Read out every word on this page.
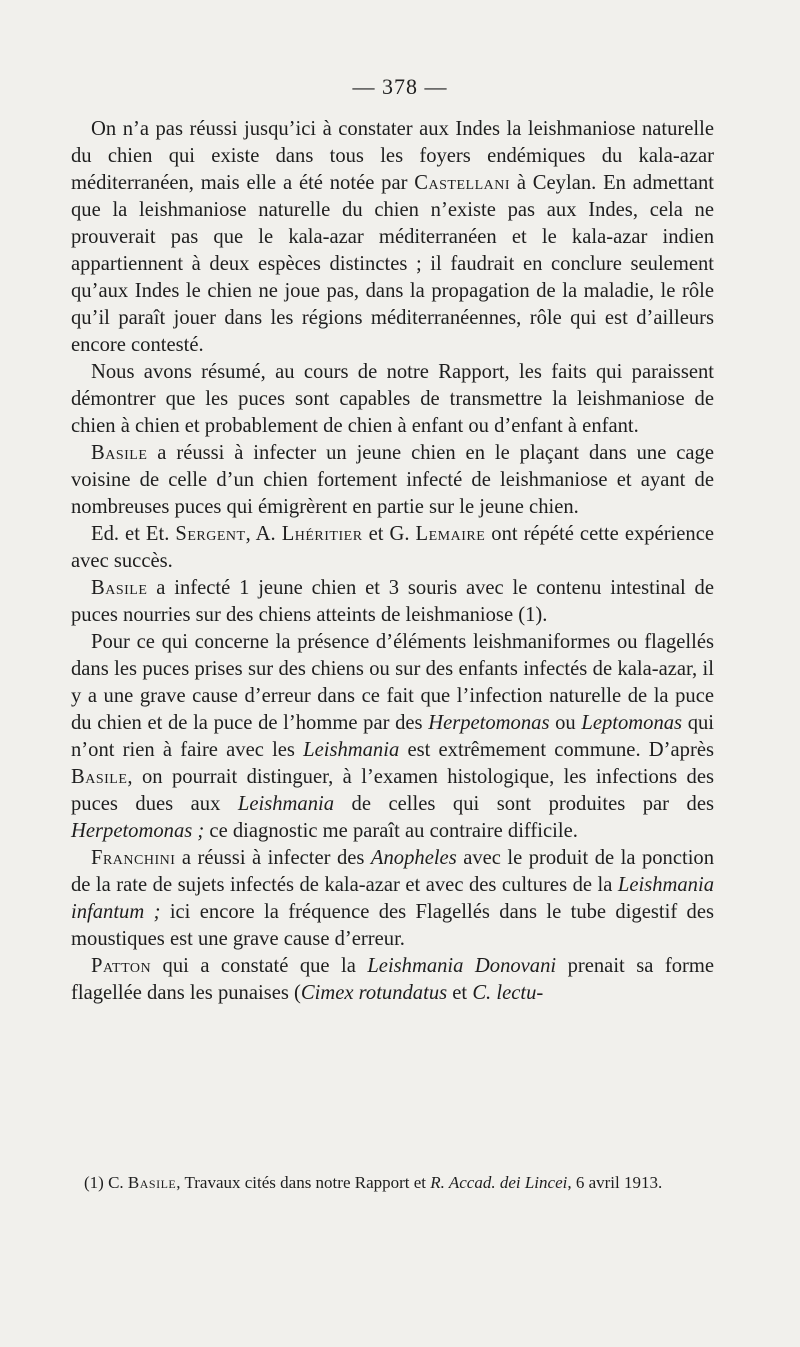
— 378 —

On n’a pas réussi jusqu’ici à constater aux Indes la leishmaniose naturelle du chien qui existe dans tous les foyers endémiques du kala-azar méditerranéen, mais elle a été notée par Castellani à Ceylan. En admettant que la leishmaniose naturelle du chien n’existe pas aux Indes, cela ne prouverait pas que le kala-azar méditerranéen et le kala-azar indien appartiennent à deux espèces distinctes ; il faudrait en conclure seulement qu’aux Indes le chien ne joue pas, dans la propagation de la maladie, le rôle qu’il paraît jouer dans les régions méditerranéennes, rôle qui est d’ailleurs encore contesté.

Nous avons résumé, au cours de notre Rapport, les faits qui paraissent démontrer que les puces sont capables de transmettre la leishmaniose de chien à chien et probablement de chien à enfant ou d’enfant à enfant.

Basile a réussi à infecter un jeune chien en le plaçant dans une cage voisine de celle d’un chien fortement infecté de leishmaniose et ayant de nombreuses puces qui émigrèrent en partie sur le jeune chien.

Ed. et Et. Sergent, A. Lhéritier et G. Lemaire ont répété cette expérience avec succès.

Basile a infecté 1 jeune chien et 3 souris avec le contenu intestinal de puces nourries sur des chiens atteints de leishmaniose (1).

Pour ce qui concerne la présence d’éléments leishmaniformes ou flagellés dans les puces prises sur des chiens ou sur des enfants infectés de kala-azar, il y a une grave cause d’erreur dans ce fait que l’infection naturelle de la puce du chien et de la puce de l’homme par des Herpetomonas ou Leptomonas qui n’ont rien à faire avec les Leishmania est extrêmement commune. D’après Basile, on pourrait distinguer, à l’examen histologique, les infections des puces dues aux Leishmania de celles qui sont produites par des Herpetomonas ; ce diagnostic me paraît au contraire difficile.

Franchini a réussi à infecter des Anopheles avec le produit de la ponction de la rate de sujets infectés de kala-azar et avec des cultures de la Leishmania infantum ; ici encore la fréquence des Flagellés dans le tube digestif des moustiques est une grave cause d’erreur.

Patton qui a constaté que la Leishmania Donovani prenait sa forme flagellée dans les punaises (Cimex rotundatus et C. lectu-

(1) C. Basile, Travaux cités dans notre Rapport et R. Accad. dei Lincei, 6 avril 1913.
